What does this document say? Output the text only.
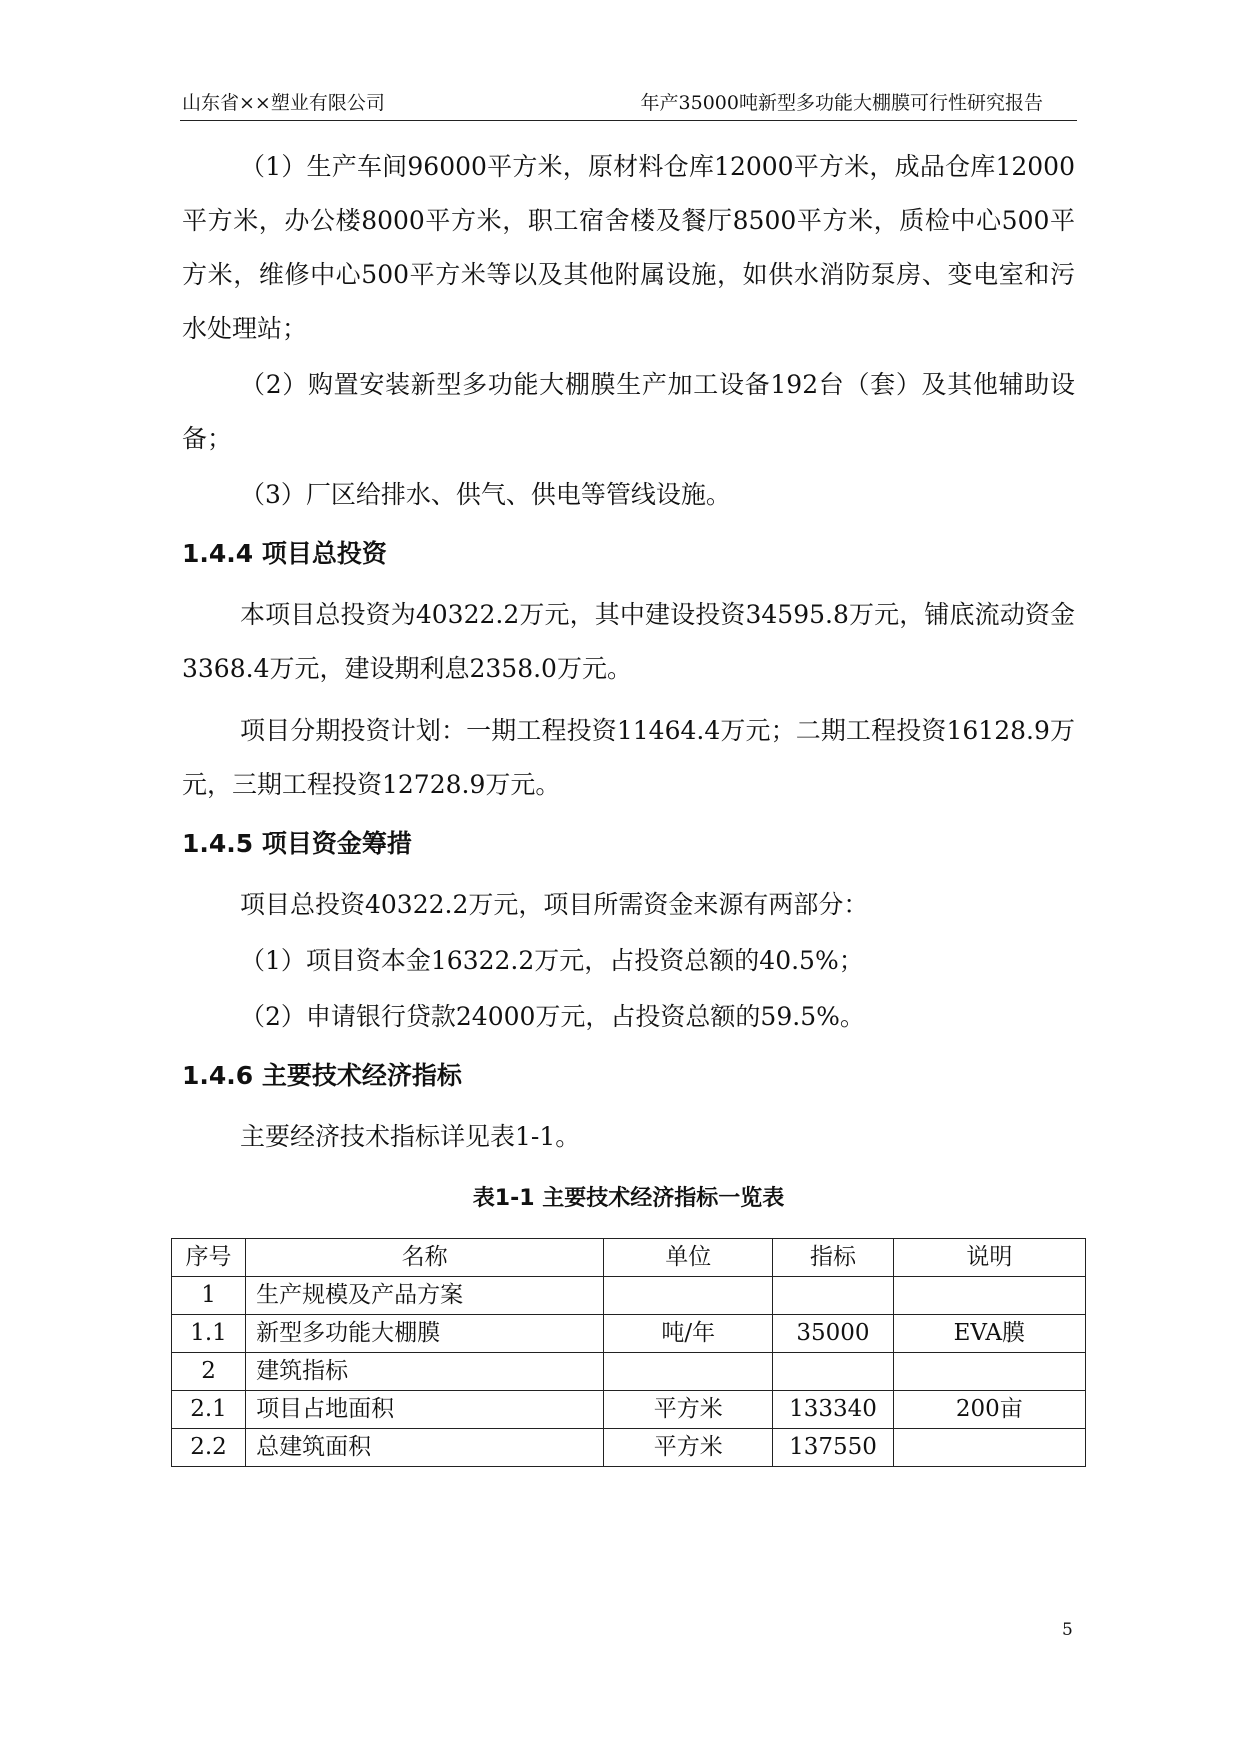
山东省××塑业有限公司	年产35000吨新型多功能大棚膜可行性研究报告

（1）生产车间96000平方米，原材料仓库12000平方米，成品仓库12000平方米，办公楼8000平方米，职工宿舍楼及餐厅8500平方米，质检中心500平方米，维修中心500平方米等以及其他附属设施，如供水消防泵房、变电室和污水处理站；

（2）购置安装新型多功能大棚膜生产加工设备192台（套）及其他辅助设备；

（3）厂区给排水、供气、供电等管线设施。

1.4.4 项目总投资

本项目总投资为40322.2万元，其中建设投资34595.8万元，铺底流动资金3368.4万元，建设期利息2358.0万元。

项目分期投资计划：一期工程投资11464.4万元；二期工程投资16128.9万元，三期工程投资12728.9万元。

1.4.5 项目资金筹措

项目总投资40322.2万元，项目所需资金来源有两部分：

（1）项目资本金16322.2万元，占投资总额的40.5%；

（2）申请银行贷款24000万元，占投资总额的59.5%。

1.4.6 主要技术经济指标

主要经济技术指标详见表1-1。

表1-1 主要技术经济指标一览表
序号	名称	单位	指标	说明
1	生产规模及产品方案			
1.1	新型多功能大棚膜	吨/年	35000	EVA膜
2	建筑指标			
2.1	项目占地面积	平方米	133340	200亩
2.2	总建筑面积	平方米	137550	
5
